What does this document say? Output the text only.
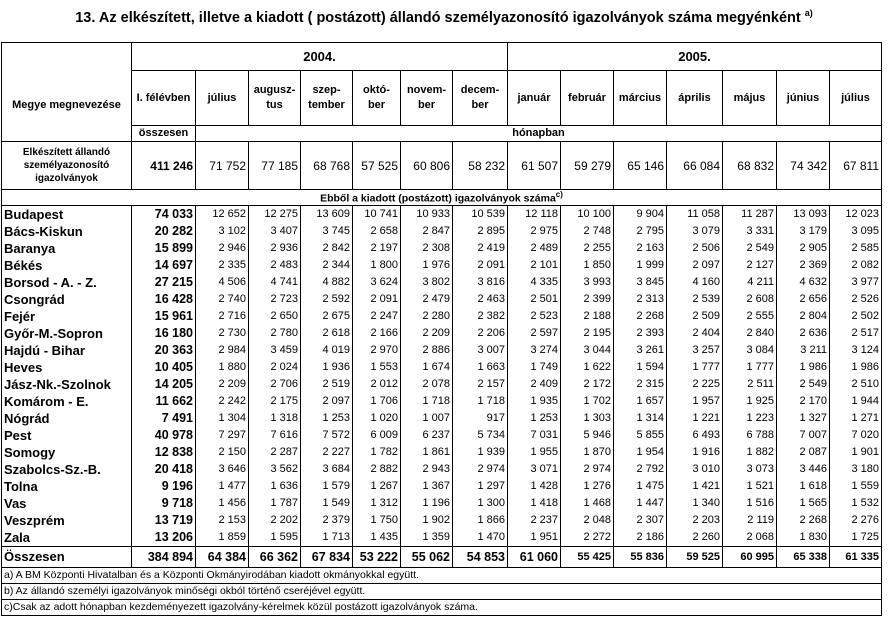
13. Az elkészített, illetve a kiadott ( postázott) állandó személyazonosító igazolványok száma megyénként $^{a)}$
Megye megnevezése	2004.							2005.						
	I. félévben	július	augusz-tus	szep-tember	októ-ber	novem-ber	decem-ber	január	február	március	április	május	június	július
	összesen	hónapban												
Elkészített állandó személyazonosító igazolványok	411 246	71 752	77 185	68 768	57 525	60 806	58 232	61 507	59 279	65 146	66 084	68 832	74 342	67 811
Ebből a kiadott (postázott) igazolványok száma$^{c)}$
Budapest	74 033	12 652	12 275	13 609	10 741	10 933	10 539	12 118	10 100	9 904	11 058	11 287	13 093	12 023
Bács-Kiskun	20 282	3 102	3 407	3 745	2 658	2 847	2 895	2 975	2 748	2 795	3 079	3 331	3 179	3 095
Baranya	15 899	2 946	2 936	2 842	2 197	2 308	2 419	2 489	2 255	2 163	2 506	2 549	2 905	2 585
Békés	14 697	2 335	2 483	2 344	1 800	1 976	2 091	2 101	1 850	1 999	2 097	2 127	2 369	2 082
Borsod - A. - Z.	27 215	4 506	4 741	4 882	3 624	3 802	3 816	4 335	3 993	3 845	4 160	4 211	4 632	3 977
Csongrád	16 428	2 740	2 723	2 592	2 091	2 479	2 463	2 501	2 399	2 313	2 539	2 608	2 656	2 526
Fejér	15 961	2 716	2 650	2 675	2 247	2 280	2 382	2 523	2 188	2 268	2 509	2 555	2 804	2 502
Győr-M.-Sopron	16 180	2 730	2 780	2 618	2 166	2 209	2 206	2 597	2 195	2 393	2 404	2 840	2 636	2 517
Hajdú - Bihar	20 363	2 984	3 459	4 019	2 970	2 886	3 007	3 274	3 044	3 261	3 257	3 084	3 211	3 124
Heves	10 405	1 880	2 024	1 936	1 553	1 674	1 663	1 749	1 622	1 594	1 777	1 777	1 986	1 986
Jász-Nk.-Szolnok	14 205	2 209	2 706	2 519	2 012	2 078	2 157	2 409	2 172	2 315	2 225	2 511	2 549	2 510
Komárom - E.	11 662	2 242	2 175	2 097	1 706	1 718	1 718	1 935	1 702	1 657	1 957	1 925	2 170	1 944
Nógrád	7 491	1 304	1 318	1 253	1 020	1 007	917	1 253	1 303	1 314	1 221	1 223	1 327	1 271
Pest	40 978	7 297	7 616	7 572	6 009	6 237	5 734	7 031	5 946	5 855	6 493	6 788	7 007	7 020
Somogy	12 838	2 150	2 287	2 227	1 782	1 861	1 939	1 955	1 870	1 954	1 916	1 882	2 087	1 901
Szabolcs-Sz.-B.	20 418	3 646	3 562	3 684	2 882	2 943	2 974	3 071	2 974	2 792	3 010	3 073	3 446	3 180
Tolna	9 196	1 477	1 636	1 579	1 267	1 367	1 297	1 428	1 276	1 475	1 421	1 521	1 618	1 559
Vas	9 718	1 456	1 787	1 549	1 312	1 196	1 300	1 418	1 468	1 447	1 340	1 516	1 565	1 532
Veszprém	13 719	2 153	2 202	2 379	1 750	1 902	1 866	2 237	2 048	2 307	2 203	2 119	2 268	2 276
Zala	13 206	1 859	1 595	1 713	1 435	1 359	1 470	1 951	2 272	2 186	2 260	2 068	1 830	1 725
Összesen	384 894	64 384	66 362	67 834	53 222	55 062	54 853	61 060	55 425	55 836	59 525	60 995	65 338	61 335
a) A BM Központi Hivatalban és a Központi Okmányirodában kiadott okmányokkal együtt.														
b) Az állandó személyi igazolványok minőségi okból történő cseréjével együtt.														
c)Csak az adott hónapban kezdeményezett igazolvány-kérelmek közül postázott igazolványok száma.														
